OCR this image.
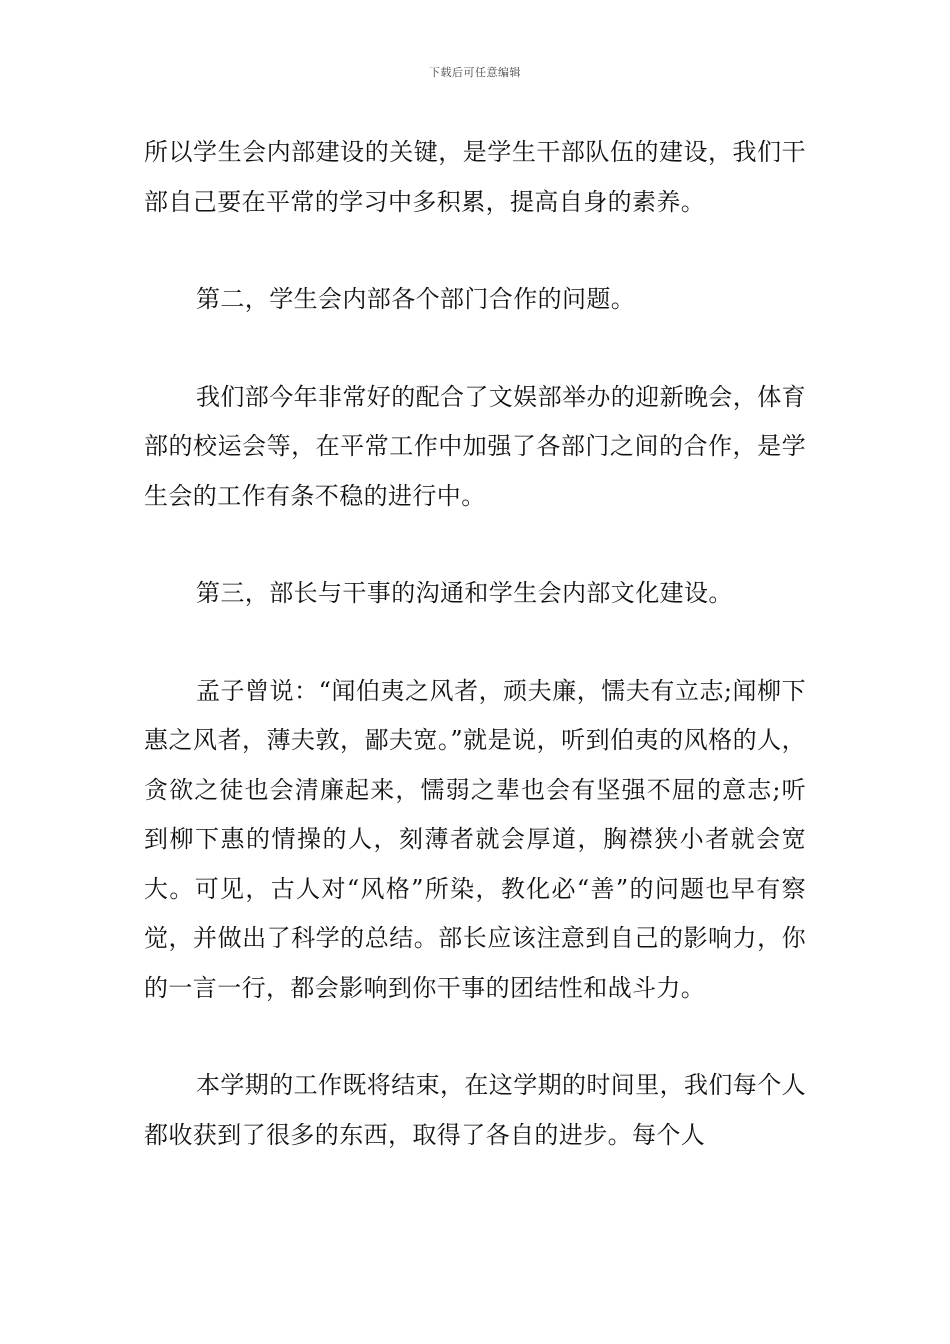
下载后可任意编辑

所以学生会内部建设的关键，是学生干部队伍的建设，我们干部自己要在平常的学习中多积累，提高自身的素养。

第二，学生会内部各个部门合作的问题。

我们部今年非常好的配合了文娱部举办的迎新晚会，体育部的校运会等，在平常工作中加强了各部门之间的合作，是学生会的工作有条不稳的进行中。

第三，部长与干事的沟通和学生会内部文化建设。

孟子曾说：“闻伯夷之风者，顽夫廉，懦夫有立志;闻柳下惠之风者，薄夫敦，鄙夫宽。”就是说，听到伯夷的风格的人，贪欲之徒也会清廉起来，懦弱之辈也会有坚强不屈的意志;听到柳下惠的情操的人，刻薄者就会厚道，胸襟狭小者就会宽大。可见，古人对“风格”所染，教化必“善”的问题也早有察觉，并做出了科学的总结。部长应该注意到自己的影响力，你的一言一行，都会影响到你干事的团结性和战斗力。

本学期的工作既将结束，在这学期的时间里，我们每个人都收获到了很多的东西，取得了各自的进步。每个人
